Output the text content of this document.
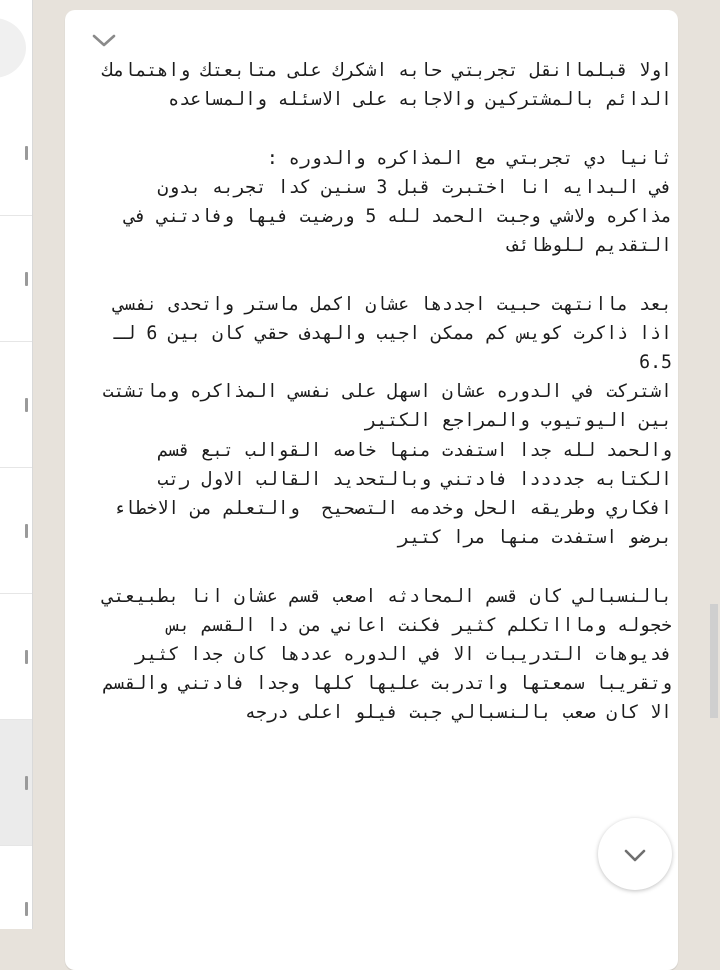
اولا قبلماانقل تجربتي حابه اشكرك على متابعتك واهتمامك الدائم بالمشتركين والاجابه على الاسئله والمساعده

ثانيا دي تجربتي مع المذاكره والدوره :
في البدايه انا اختبرت قبل 3 سنين كدا تجربه بدون مذاكره ولاشي وجبت الحمد لله 5 ورضيت فيها وفادتني في التقديم للوظائف

بعد ماانتهت حبيت اجددها عشان اكمل ماستر واتحدى نفسي اذا ذاكرت كويس كم ممكن اجيب والهدف حقي كان بين 6 لـ 6.5
اشتركت في الدوره عشان اسهل على نفسي المذاكره وماتشتت بين اليوتيوب والمراجع الكتير
والحمد لله جدا استفدت منها خاصه القوالب تبع قسم الكتابه جددددا فادتني وبالتحديد القالب الاول رتب افكاري وطريقه الحل وخدمه التصحيح  والتعلم من الاخطاء برضو استفدت منها مرا كتير

بالنسبالي كان قسم المحادثه اصعب قسم عشان انا بطبيعتي خجوله وماااتكلم كثير فكنت اعاني من دا القسم بس فديوهات التدريبات الا في الدوره عددها كان جدا كثير وتقريبا سمعتها واتدربت عليها كلها وجدا فادتني والقسم الا كان صعب بالنسبالي جبت فيلو اعلى درجه
